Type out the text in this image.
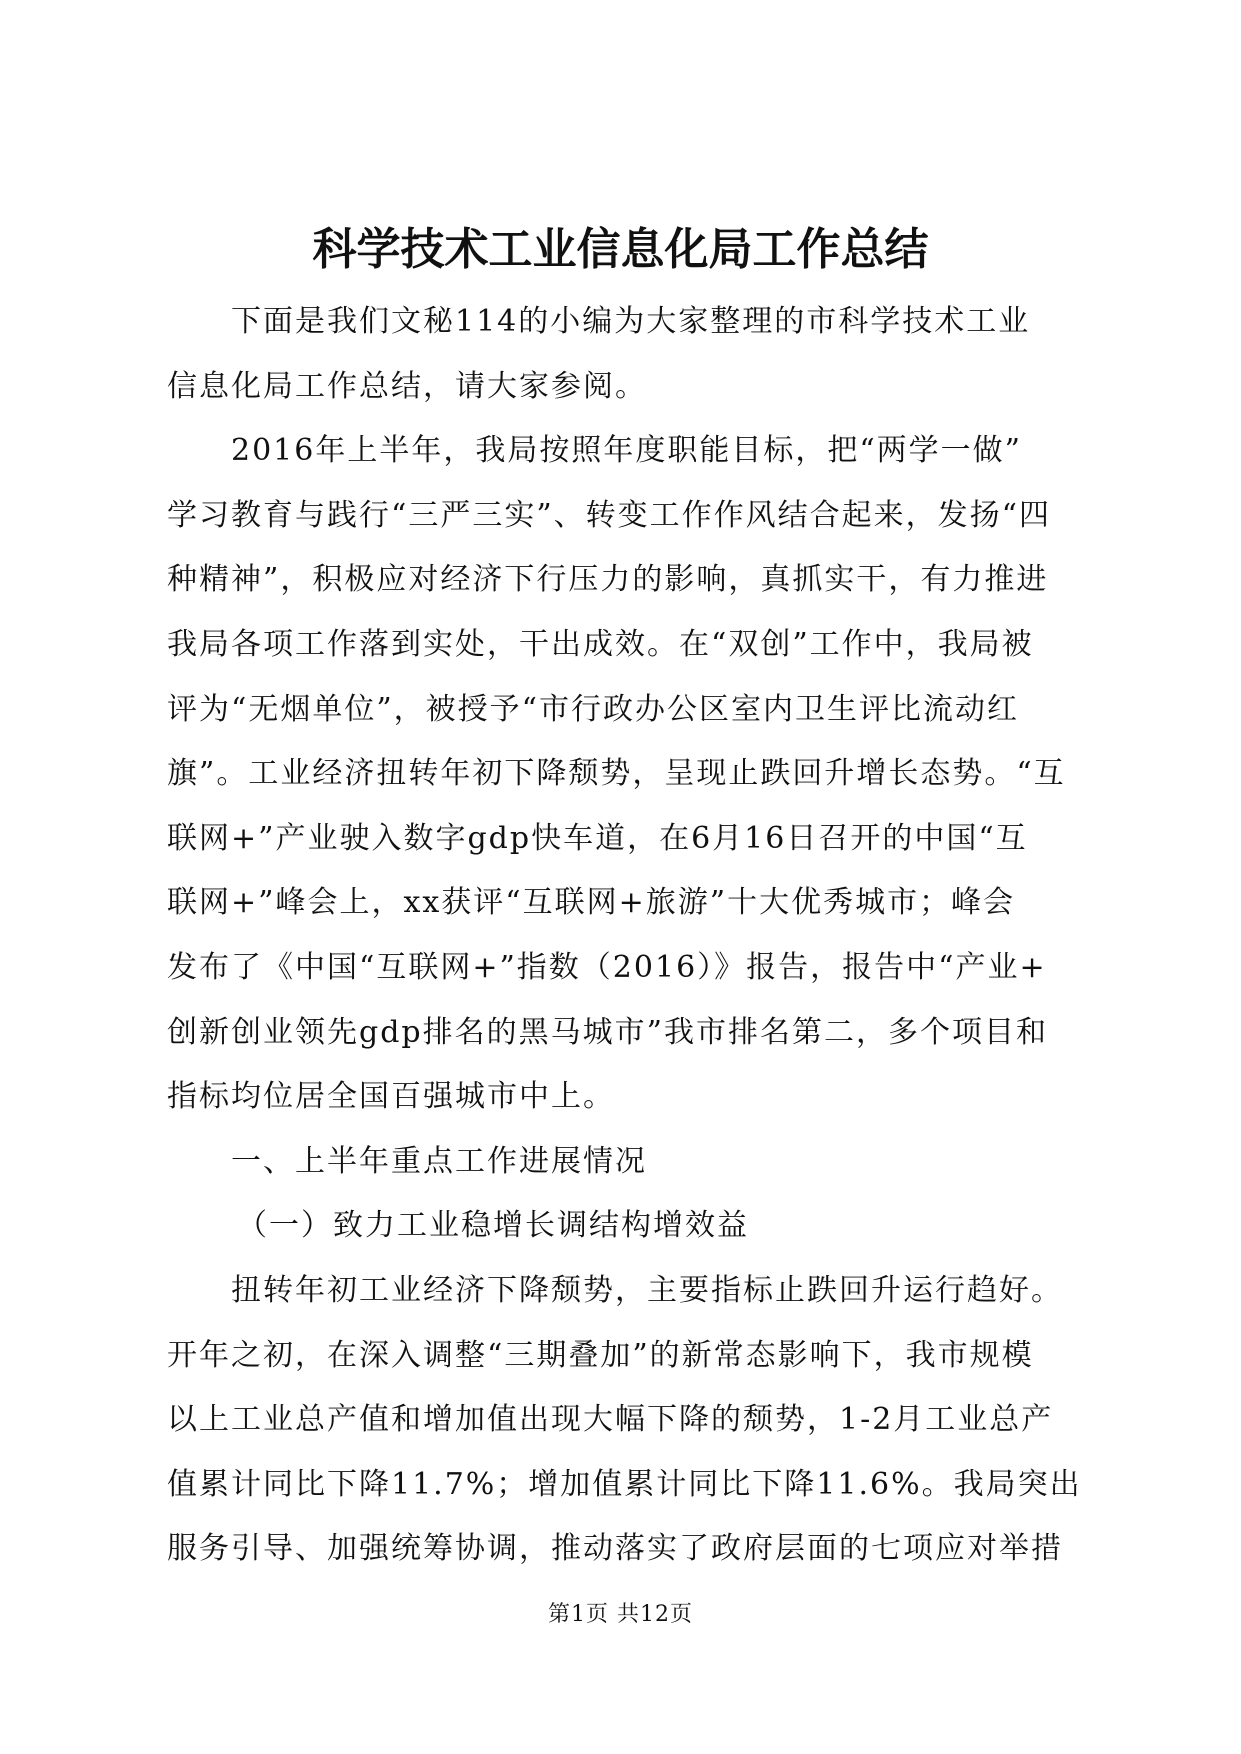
科学技术工业信息化局工作总结
下面是我们文秘114的小编为大家整理的市科学技术工业
信息化局工作总结，请大家参阅。
2016年上半年，我局按照年度职能目标，把“两学一做”
学习教育与践行“三严三实”、转变工作作风结合起来，发扬“四
种精神”，积极应对经济下行压力的影响，真抓实干，有力推进
我局各项工作落到实处，干出成效。在“双创”工作中，我局被
评为“无烟单位”，被授予“市行政办公区室内卫生评比流动红
旗”。工业经济扭转年初下降颓势，呈现止跌回升增长态势。“互
联网+”产业驶入数字gdp快车道，在6月16日召开的中国“互
联网+”峰会上，xx获评“互联网+旅游”十大优秀城市；峰会
发布了《中国“互联网+”指数（2016）》报告，报告中“产业+
创新创业领先gdp排名的黑马城市”我市排名第二，多个项目和
指标均位居全国百强城市中上。
一、上半年重点工作进展情况
（一）致力工业稳增长调结构增效益
扭转年初工业经济下降颓势，主要指标止跌回升运行趋好。
开年之初，在深入调整“三期叠加”的新常态影响下，我市规模
以上工业总产值和增加值出现大幅下降的颓势，1-2月工业总产
值累计同比下降11.7%；增加值累计同比下降11.6%。我局突出
服务引导、加强统筹协调，推动落实了政府层面的七项应对举措
第1页 共12页
